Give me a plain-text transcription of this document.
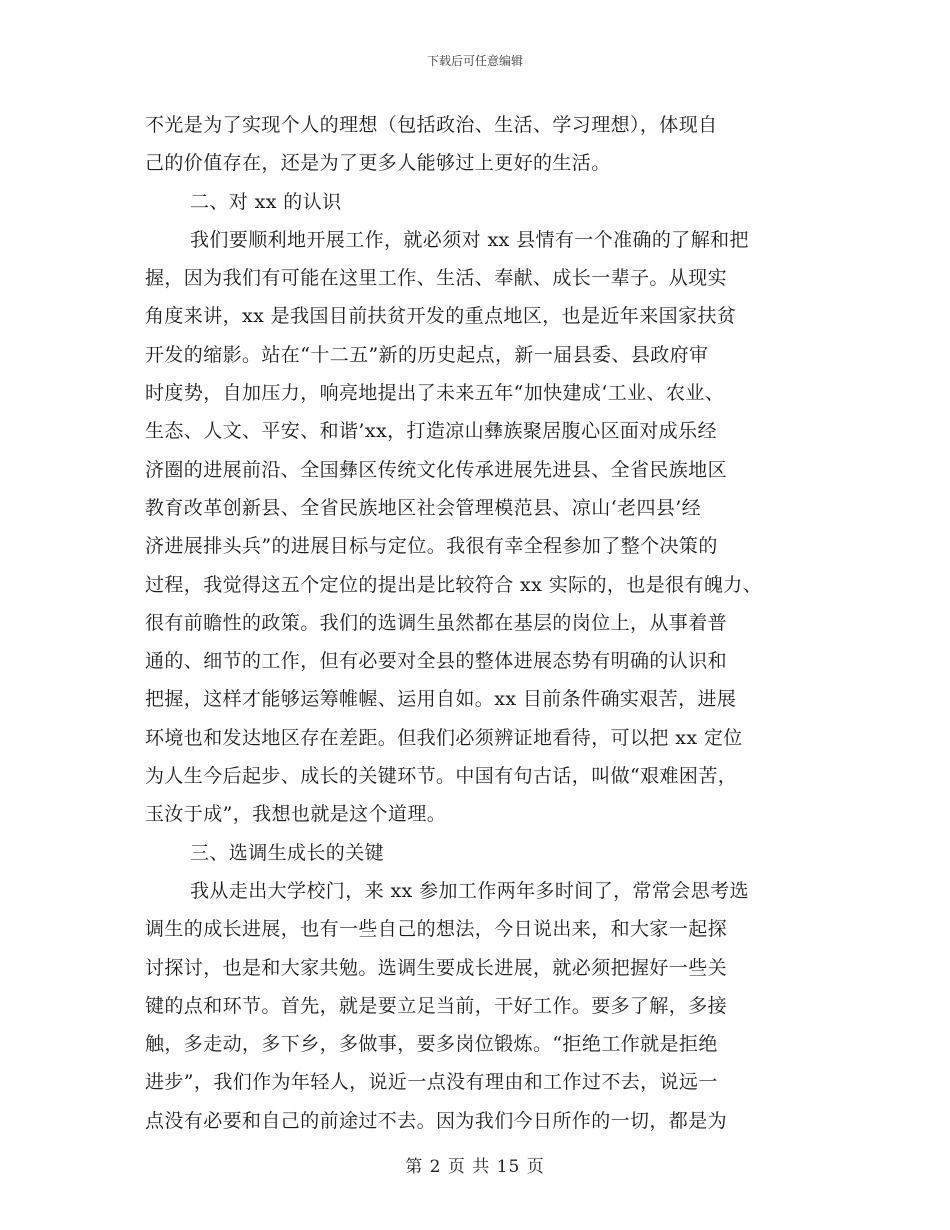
下载后可任意编辑
不光是为了实现个人的理想（包括政治、生活、学习理想），体现自
己的价值存在，还是为了更多人能够过上更好的生活。
二、对 xx 的认识
我们要顺利地开展工作，就必须对 xx 县情有一个准确的了解和把
握，因为我们有可能在这里工作、生活、奉献、成长一辈子。从现实
角度来讲，xx 是我国目前扶贫开发的重点地区，也是近年来国家扶贫
开发的缩影。站在“十二五”新的历史起点，新一届县委、县政府审
时度势，自加压力，响亮地提出了未来五年“加快建成‘工业、农业、
生态、人文、平安、和谐’xx，打造凉山彝族聚居腹心区面对成乐经
济圈的进展前沿、全国彝区传统文化传承进展先进县、全省民族地区
教育改革创新县、全省民族地区社会管理模范县、凉山‘老四县’经
济进展排头兵”的进展目标与定位。我很有幸全程参加了整个决策的
过程，我觉得这五个定位的提出是比较符合 xx 实际的，也是很有魄力、
很有前瞻性的政策。我们的选调生虽然都在基层的岗位上，从事着普
通的、细节的工作，但有必要对全县的整体进展态势有明确的认识和
把握，这样才能够运筹帷幄、运用自如。xx 目前条件确实艰苦，进展
环境也和发达地区存在差距。但我们必须辨证地看待，可以把 xx 定位
为人生今后起步、成长的关键环节。中国有句古话，叫做“艰难困苦，
玉汝于成”，我想也就是这个道理。
三、选调生成长的关键
我从走出大学校门，来 xx 参加工作两年多时间了，常常会思考选
调生的成长进展，也有一些自己的想法，今日说出来，和大家一起探
讨探讨，也是和大家共勉。选调生要成长进展，就必须把握好一些关
键的点和环节。首先，就是要立足当前，干好工作。要多了解，多接
触，多走动，多下乡，多做事，要多岗位锻炼。“拒绝工作就是拒绝
进步”，我们作为年轻人，说近一点没有理由和工作过不去，说远一
点没有必要和自己的前途过不去。因为我们今日所作的一切，都是为
第 2 页 共 15 页
